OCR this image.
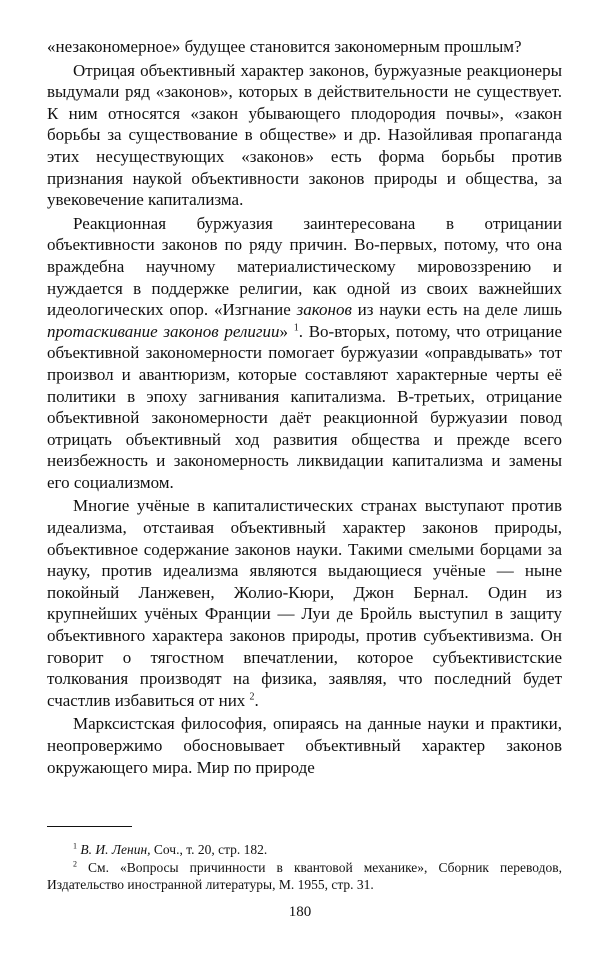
«незакономерное» будущее становится закономерным прошлым?

Отрицая объективный характер законов, буржуазные реакционеры выдумали ряд «законов», которых в действительности не существует. К ним относятся «закон убывающего плодородия почвы», «закон борьбы за существование в обществе» и др. Назойливая пропаганда этих несуществующих «законов» есть форма борьбы против признания наукой объективности законов природы и общества, за увековечение капитализма.

Реакционная буржуазия заинтересована в отрицании объективности законов по ряду причин. Во-первых, потому, что она враждебна научному материалистическому мировоззрению и нуждается в поддержке религии, как одной из своих важнейших идеологических опор. «Изгнание законов из науки есть на деле лишь протаскивание законов религии» $^1$. Во-вторых, потому, что отрицание объективной закономерности помогает буржуазии «оправдывать» тот произвол и авантюризм, которые составляют характерные черты её политики в эпоху загнивания капитализма. В-третьих, отрицание объективной закономерности даёт реакционной буржуазии повод отрицать объективный ход развития общества и прежде всего неизбежность и закономерность ликвидации капитализма и замены его социализмом.

Многие учёные в капиталистических странах выступают против идеализма, отстаивая объективный характер законов природы, объективное содержание законов науки. Такими смелыми борцами за науку, против идеализма являются выдающиеся учёные — ныне покойный Ланжевен, Жолио-Кюри, Джон Бернал. Один из крупнейших учёных Франции — Луи де Бройль выступил в защиту объективного характера законов природы, против субъективизма. Он говорит о тягостном впечатлении, которое субъективистские толкования производят на физика, заявляя, что последний будет счастлив избавиться от них $^2$.

Марксистская философия, опираясь на данные науки и практики, неопровержимо обосновывает объективный характер законов окружающего мира. Мир по природе

$^1$ В. И. Ленин, Соч., т. 20, стр. 182.

$^2$ См. «Вопросы причинности в квантовой механике», Сборник переводов, Издательство иностранной литературы, М. 1955, стр. 31.

180
